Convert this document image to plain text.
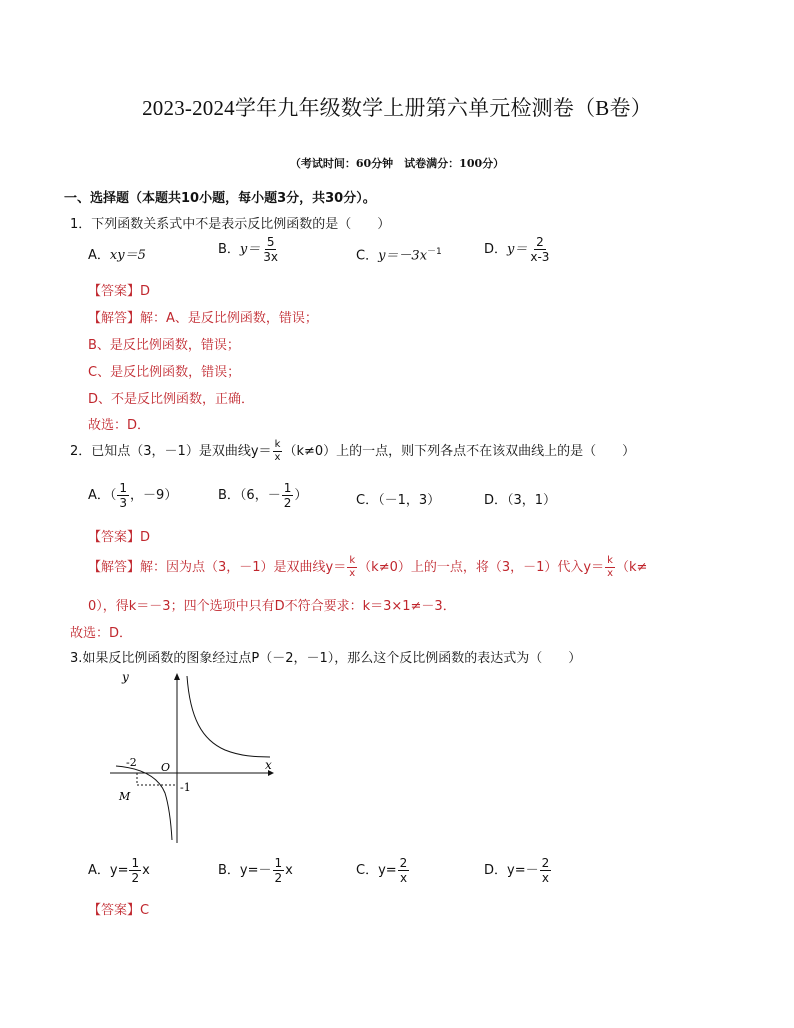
2023-2024学年九年级数学上册第六单元检测卷（B卷）
（考试时间：60分钟　试卷满分：100分）
一、选择题（本题共10小题，每小题3分，共30分）。
1．下列函数关系式中不是表示反比例函数的是（　　）
A．xy＝5	B．$y= \frac{5}{3x}$	C．$y=-3x^{-1}$	D．$y= \frac{2}{x-3}$
【答案】D
【解答】解：A、是反比例函数，错误；
B、是反比例函数，错误；
C、是反比例函数，错误；
D、不是反比例函数，正确．
故选：D．
2．已知点（3，－1）是双曲线$y= \frac{k}{x} (k\ne 0)$上的一点，则下列各点不在该双曲线上的是（　　）
A．（ $\frac{1}{3}$ ，－9）	B．（6，－ $\frac{1}{2}$ ）	C．（－1，3）	D．（3，1）
【答案】D
【解答】解：因为点（3，－1）是双曲线$y= \frac{k}{x} (k\ne 0)$上的一点，将（3，－1）代入$y= \frac{k}{x} (k\ne$
0），得k＝－3；四个选项中只有D不符合要求：k＝3×1≠－3．
故选：D．
3.如果反比例函数的图象经过点P（－2，－1），那么这个反比例函数的表达式为（　　）
y
x
O
-2
-1
M
A．$y= \frac{1}{2}$ x	B．$y=- \frac{1}{2}$ x	C．$y= \frac{2}{x}$	D．$y=- \frac{2}{x}$
【答案】C
